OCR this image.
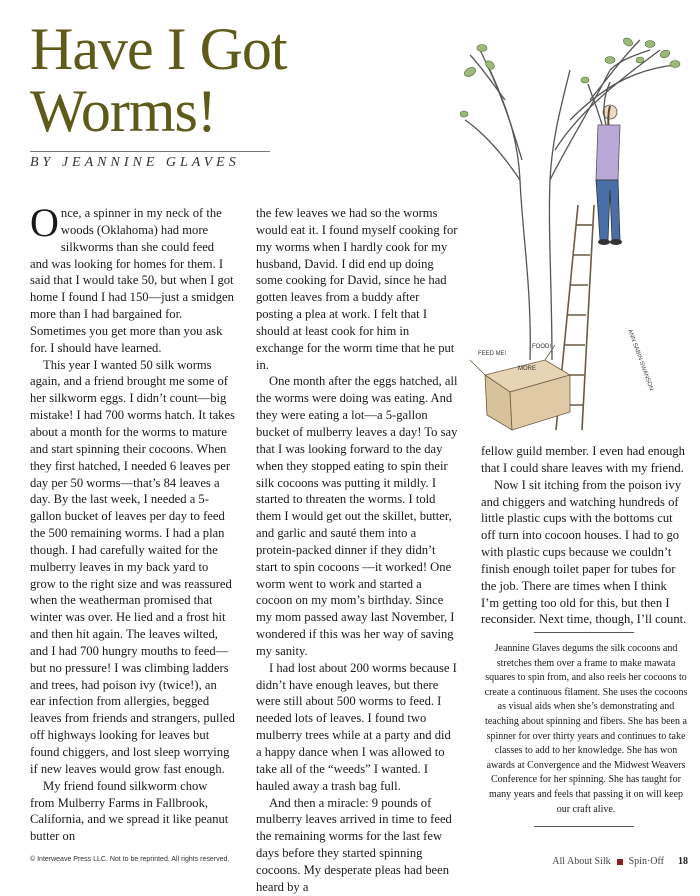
Have I Got Worms!
BY JEANNINE GLAVES

Once, a spinner in my neck of the woods (Oklahoma) had more silkworms than she could feed and was looking for homes for them. I said that I would take 50, but when I got home I found I had 150—just a smidgen more than I had bargained for. Sometimes you get more than you ask for. I should have learned.

This year I wanted 50 silk worms again, and a friend brought me some of her silkworm eggs. I didn’t count—big mistake! I had 700 worms hatch. It takes about a month for the worms to mature and start spinning their cocoons. When they first hatched, I needed 6 leaves per day per 50 worms—that’s 84 leaves a day. By the last week, I needed a 5-gallon bucket of leaves per day to feed the 500 remaining worms. I had a plan though. I had carefully waited for the mulberry leaves in my back yard to grow to the right size and was reassured when the weatherman promised that winter was over. He lied and a frost hit and then hit again. The leaves wilted, and I had 700 hungry mouths to feed—but no pressure! I was climbing ladders and trees, had poison ivy (twice!), an ear infection from allergies, begged leaves from friends and strangers, pulled off highways looking for leaves but found chiggers, and lost sleep worrying if new leaves would grow fast enough.

My friend found silkworm chow from Mulberry Farms in Fallbrook, California, and we spread it like peanut butter on

the few leaves we had so the worms would eat it. I found myself cooking for my worms when I hardly cook for my husband, David. I did end up doing some cooking for David, since he had gotten leaves from a buddy after posting a plea at work. I felt that I should at least cook for him in exchange for the worm time that he put in.

One month after the eggs hatched, all the worms were doing was eating. And they were eating a lot—a 5-gallon bucket of mulberry leaves a day! To say that I was looking forward to the day when they stopped eating to spin their silk cocoons was putting it mildly. I started to threaten the worms. I told them I would get out the skillet, butter, and garlic and sauté them into a protein-packed dinner if they didn’t start to spin cocoons —it worked! One worm went to work and started a cocoon on my mom’s birthday. Since my mom passed away last November, I wondered if this was her way of saving my sanity.

I had lost about 200 worms because I didn’t have enough leaves, but there were still about 500 worms to feed. I needed lots of leaves. I found two mulberry trees while at a party and did a happy dance when I was allowed to take all of the “weeds” I wanted. I hauled away a trash bag full.

And then a miracle: 9 pounds of mulberry leaves arrived in time to feed the remaining worms for the last few days before they started spinning cocoons. My desperate pleas had been heard by a

fellow guild member. I even had enough that I could share leaves with my friend.

Now I sit itching from the poison ivy and chiggers and watching hundreds of little plastic cups with the bottoms cut off turn into cocoon houses. I had to go with plastic cups because we couldn’t finish enough toilet paper for tubes for the job. There are times when I think I’m getting too old for this, but then I reconsider. Next time, though, I’ll count.

Jeannine Glaves degums the silk cocoons and stretches them over a frame to make mawata squares to spin from, and also reels her cocoons to create a continuous filament. She uses the cocoons as visual aids when she’s demonstrating and teaching about spinning and fibers. She has been a spinner for over thirty years and continues to take classes to add to her knowledge. She has won awards at Convergence and the Midwest Weavers Conference for her spinning. She has taught for many years and feels that passing it on will keep our craft alive.
FEED ME!
FOOD!
MORE	ANN SABIN SWANSON
© Interweave Press LLC. Not to be reprinted. All rights reserved.	All About Silk Spin·Off 18
